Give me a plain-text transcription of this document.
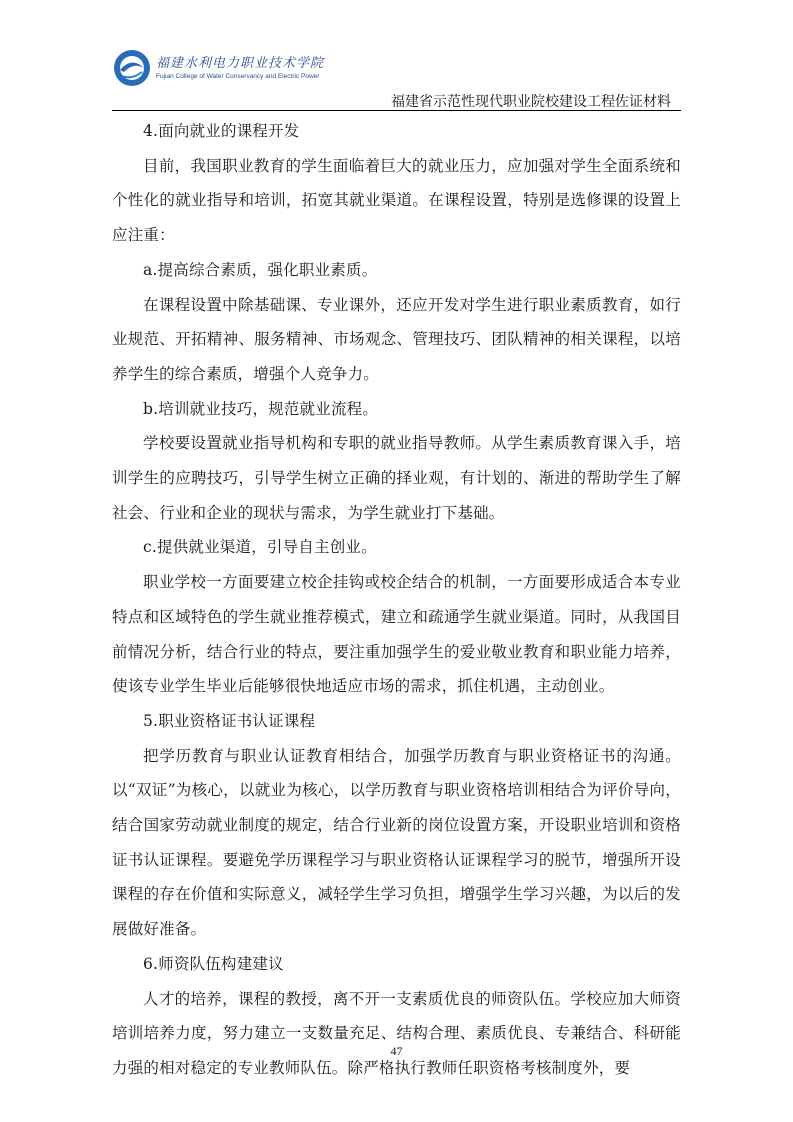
福建水利电力职业技术学院
Fujian College of Water Conservancy and Electric Power
福建省示范性现代职业院校建设工程佐证材料

4.面向就业的课程开发

目前，我国职业教育的学生面临着巨大的就业压力，应加强对学生全面系统和个性化的就业指导和培训，拓宽其就业渠道。在课程设置，特别是选修课的设置上应注重：

a.提高综合素质，强化职业素质。

在课程设置中除基础课、专业课外，还应开发对学生进行职业素质教育，如行业规范、开拓精神、服务精神、市场观念、管理技巧、团队精神的相关课程，以培养学生的综合素质，增强个人竞争力。

b.培训就业技巧，规范就业流程。

学校要设置就业指导机构和专职的就业指导教师。从学生素质教育课入手，培训学生的应聘技巧，引导学生树立正确的择业观，有计划的、渐进的帮助学生了解社会、行业和企业的现状与需求，为学生就业打下基础。

c.提供就业渠道，引导自主创业。

职业学校一方面要建立校企挂钩或校企结合的机制，一方面要形成适合本专业特点和区域特色的学生就业推荐模式，建立和疏通学生就业渠道。同时，从我国目前情况分析，结合行业的特点，要注重加强学生的爱业敬业教育和职业能力培养，使该专业学生毕业后能够很快地适应市场的需求，抓住机遇，主动创业。

5.职业资格证书认证课程

把学历教育与职业认证教育相结合，加强学历教育与职业资格证书的沟通。以“双证”为核心，以就业为核心，以学历教育与职业资格培训相结合为评价导向，结合国家劳动就业制度的规定，结合行业新的岗位设置方案，开设职业培训和资格证书认证课程。要避免学历课程学习与职业资格认证课程学习的脱节，增强所开设课程的存在价值和实际意义，减轻学生学习负担，增强学生学习兴趣，为以后的发展做好准备。

6.师资队伍构建建议

人才的培养，课程的教授，离不开一支素质优良的师资队伍。学校应加大师资培训培养力度，努力建立一支数量充足、结构合理、素质优良、专兼结合、科研能力强的相对稳定的专业教师队伍。除严格执行教师任职资格考核制度外，要

47
